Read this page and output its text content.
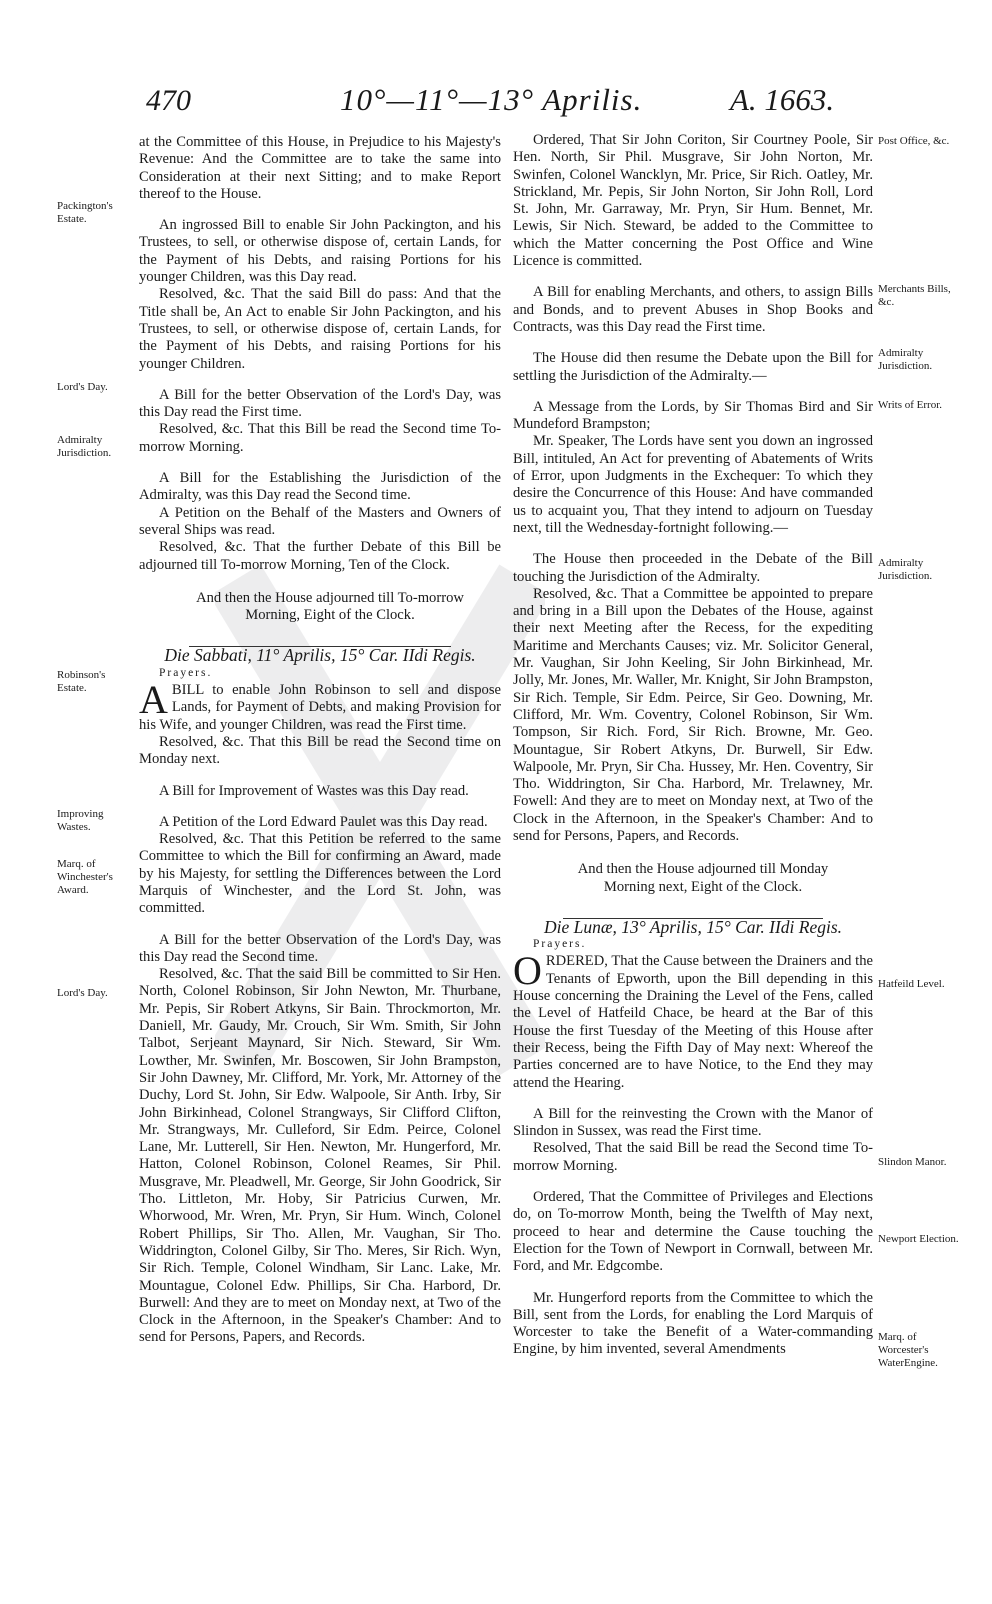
470	10°—11°—13° Aprilis.	A. 1663.
Packington's Estate.
Lord's Day.
Admiralty Jurisdiction.
Robinson's Estate.
Improving Wastes.
Marq. of Winchester's Award.
Lord's Day.
Post Office, &c.
Merchants Bills, &c.
Admiralty Jurisdiction.
Writs of Error.
Admiralty Jurisdiction.
Hatfeild Level.
Slindon Manor.
Newport Election.
Marq. of Worcester's WaterEngine.

at the Committee of this House, in Prejudice to his Majesty's Revenue: And the Committee are to take the same into Consideration at their next Sitting; and to make Report thereof to the House.

An ingrossed Bill to enable Sir John Packington, and his Trustees, to sell, or otherwise dispose of, certain Lands, for the Payment of his Debts, and raising Portions for his younger Children, was this Day read.

Resolved, &c. That the said Bill do pass: And that the Title shall be, An Act to enable Sir John Packington, and his Trustees, to sell, or otherwise dispose of, certain Lands, for the Payment of his Debts, and raising Portions for his younger Children.

A Bill for the better Observation of the Lord's Day, was this Day read the First time.

Resolved, &c. That this Bill be read the Second time To-morrow Morning.

A Bill for the Establishing the Jurisdiction of the Admiralty, was this Day read the Second time.

A Petition on the Behalf of the Masters and Owners of several Ships was read.

Resolved, &c. That the further Debate of this Bill be adjourned till To-morrow Morning, Ten of the Clock.

And then the House adjourned till To-morrow Morning, Eight of the Clock.

Die Sabbati, 11° Aprilis, 15° Car. IIdi Regis.

Prayers.

ABILL to enable John Robinson to sell and dispose Lands, for Payment of Debts, and making Provision for his Wife, and younger Children, was read the First time.

Resolved, &c. That this Bill be read the Second time on Monday next.

A Bill for Improvement of Wastes was this Day read.

A Petition of the Lord Edward Paulet was this Day read.

Resolved, &c. That this Petition be referred to the same Committee to which the Bill for confirming an Award, made by his Majesty, for settling the Differences between the Lord Marquis of Winchester, and the Lord St. John, was committed.

A Bill for the better Observation of the Lord's Day, was this Day read the Second time.

Resolved, &c. That the said Bill be committed to Sir Hen. North, Colonel Robinson, Sir John Newton, Mr. Thurbane, Mr. Pepis, Sir Robert Atkyns, Sir Bain. Throckmorton, Mr. Daniell, Mr. Gaudy, Mr. Crouch, Sir Wm. Smith, Sir John Talbot, Serjeant Maynard, Sir Nich. Steward, Sir Wm. Lowther, Mr. Swinfen, Mr. Boscowen, Sir John Brampston, Sir John Dawney, Mr. Clifford, Mr. York, Mr. Attorney of the Duchy, Lord St. John, Sir Edw. Walpoole, Sir Anth. Irby, Sir John Birkinhead, Colonel Strangways, Sir Clifford Clifton, Mr. Strangways, Mr. Culleford, Sir Edm. Peirce, Colonel Lane, Mr. Lutterell, Sir Hen. Newton, Mr. Hungerford, Mr. Hatton, Colonel Robinson, Colonel Reames, Sir Phil. Musgrave, Mr. Pleadwell, Mr. George, Sir John Goodrick, Sir Tho. Littleton, Mr. Hoby, Sir Patricius Curwen, Mr. Whorwood, Mr. Wren, Mr. Pryn, Sir Hum. Winch, Colonel Robert Phillips, Sir Tho. Allen, Mr. Vaughan, Sir Tho. Widdrington, Colonel Gilby, Sir Tho. Meres, Sir Rich. Wyn, Sir Rich. Temple, Colonel Windham, Sir Lanc. Lake, Mr. Mountague, Colonel Edw. Phillips, Sir Cha. Harbord, Dr. Burwell: And they are to meet on Monday next, at Two of the Clock in the Afternoon, in the Speaker's Chamber: And to send for Persons, Papers, and Records.

Ordered, That Sir John Coriton, Sir Courtney Poole, Sir Hen. North, Sir Phil. Musgrave, Sir John Norton, Mr. Swinfen, Colonel Wancklyn, Mr. Price, Sir Rich. Oatley, Mr. Strickland, Mr. Pepis, Sir John Norton, Sir John Roll, Lord St. John, Mr. Garraway, Mr. Pryn, Sir Hum. Bennet, Mr. Lewis, Sir Nich. Steward, be added to the Committee to which the Matter concerning the Post Office and Wine Licence is committed.

A Bill for enabling Merchants, and others, to assign Bills and Bonds, and to prevent Abuses in Shop Books and Contracts, was this Day read the First time.

The House did then resume the Debate upon the Bill for settling the Jurisdiction of the Admiralty.—

A Message from the Lords, by Sir Thomas Bird and Sir Mundeford Brampston;

Mr. Speaker, The Lords have sent you down an ingrossed Bill, intituled, An Act for preventing of Abatements of Writs of Error, upon Judgments in the Exchequer: To which they desire the Concurrence of this House: And have commanded us to acquaint you, That they intend to adjourn on Tuesday next, till the Wednesday-fortnight following.—

The House then proceeded in the Debate of the Bill touching the Jurisdiction of the Admiralty.

Resolved, &c. That a Committee be appointed to prepare and bring in a Bill upon the Debates of the House, against their next Meeting after the Recess, for the expediting Maritime and Merchants Causes; viz. Mr. Solicitor General, Mr. Vaughan, Sir John Keeling, Sir John Birkinhead, Mr. Jolly, Mr. Jones, Mr. Waller, Mr. Knight, Sir John Brampston, Sir Rich. Temple, Sir Edm. Peirce, Sir Geo. Downing, Mr. Clifford, Mr. Wm. Coventry, Colonel Robinson, Sir Wm. Tompson, Sir Rich. Ford, Sir Rich. Browne, Mr. Geo. Mountague, Sir Robert Atkyns, Dr. Burwell, Sir Edw. Walpoole, Mr. Pryn, Sir Cha. Hussey, Mr. Hen. Coventry, Sir Tho. Widdrington, Sir Cha. Harbord, Mr. Trelawney, Mr. Fowell: And they are to meet on Monday next, at Two of the Clock in the Afternoon, in the Speaker's Chamber: And to send for Persons, Papers, and Records.

And then the House adjourned till Monday Morning next, Eight of the Clock.

Die Lunæ, 13° Aprilis, 15° Car. IIdi Regis.

Prayers.

ORDERED, That the Cause between the Drainers and the Tenants of Epworth, upon the Bill depending in this House concerning the Draining the Level of the Fens, called the Level of Hatfeild Chace, be heard at the Bar of this House the first Tuesday of the Meeting of this House after their Recess, being the Fifth Day of May next: Whereof the Parties concerned are to have Notice, to the End they may attend the Hearing.

A Bill for the reinvesting the Crown with the Manor of Slindon in Sussex, was read the First time.

Resolved, That the said Bill be read the Second time To-morrow Morning.

Ordered, That the Committee of Privileges and Elections do, on To-morrow Month, being the Twelfth of May next, proceed to hear and determine the Cause touching the Election for the Town of Newport in Cornwall, between Mr. Ford, and Mr. Edgcombe.

Mr. Hungerford reports from the Committee to which the Bill, sent from the Lords, for enabling the Lord Marquis of Worcester to take the Benefit of a Water-commanding Engine, by him invented, several Amendments
